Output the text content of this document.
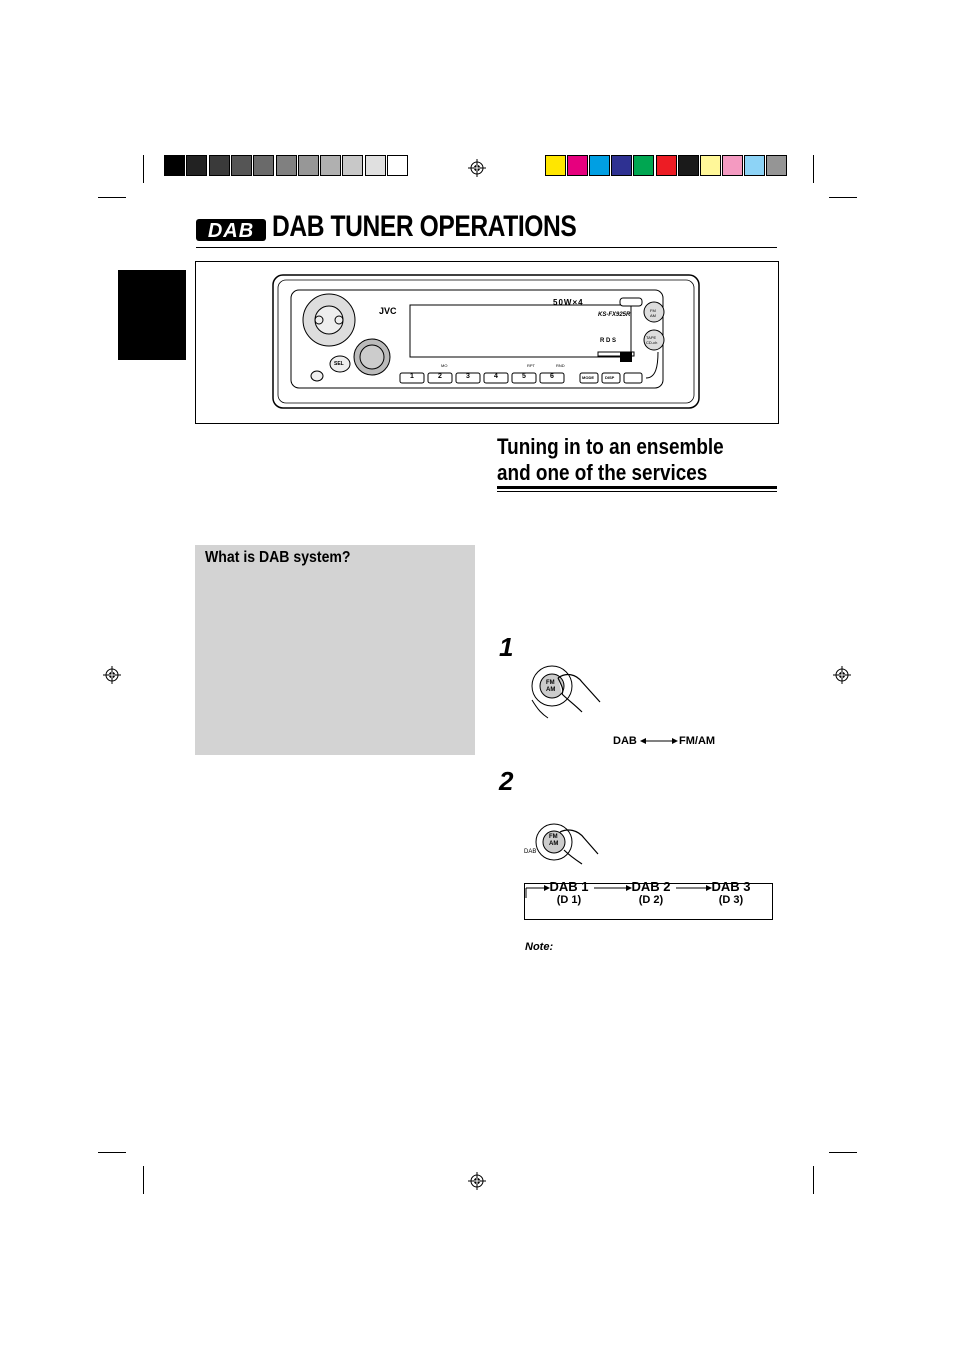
DAB DAB TUNER OPERATIONS
JVC
50W×4
KS-FX925R
R D S
FM AM
TAPE CD-ch
SEL	MO	RPT	RND
MODE	DISP
1	2	3	4	5	6
Tuning in to an ensemble and one of the services
What is DAB system?
1
FM AM
DAB	FM/AM
2
FM AM
DAB
DAB 1
(D 1)
DAB 2
(D 2)
DAB 3
(D 3)
Note:
